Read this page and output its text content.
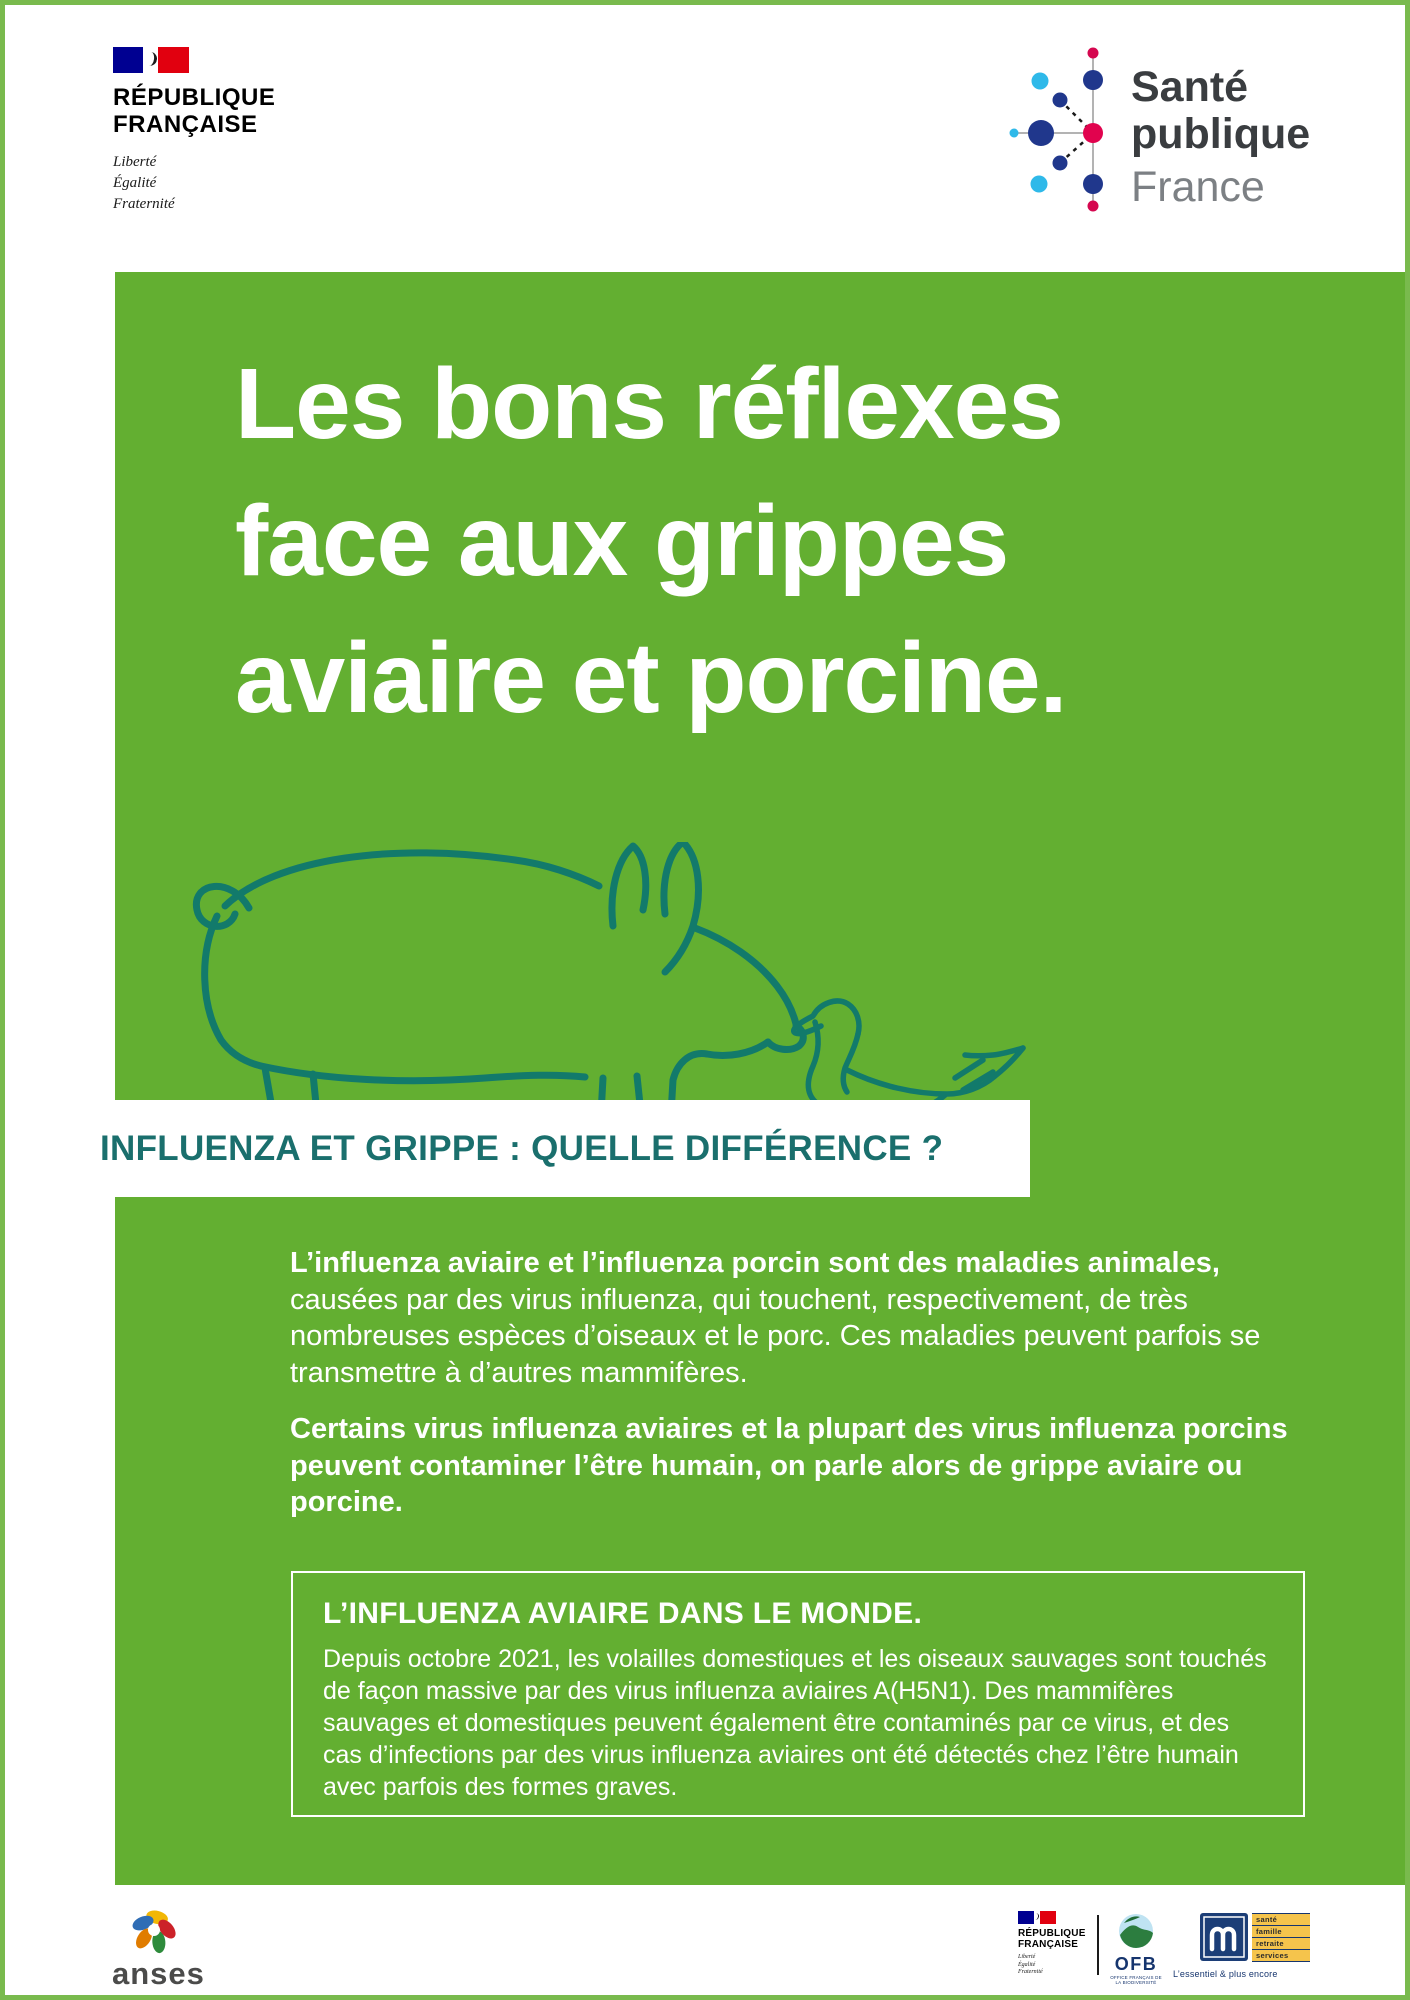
RÉPUBLIQUE
FRANÇAISE
Liberté
Égalité
Fraternité
Santé
publique
France
Les bons réflexes
face aux grippes
aviaire et porcine.
INFLUENZA ET GRIPPE : QUELLE DIFFÉRENCE ?
L’influenza aviaire et l’influenza porcin sont des maladies animales, causées par des virus influenza, qui touchent, respectivement, de très nombreuses espèces d’oiseaux et le porc. Ces maladies peuvent parfois se transmettre à d’autres mammifères.
Certains virus influenza aviaires et la plupart des virus influenza porcins peuvent contaminer l’être humain, on parle alors de grippe aviaire ou porcine.
L’INFLUENZA AVIAIRE DANS LE MONDE.
Depuis octobre 2021, les volailles domestiques et les oiseaux sauvages sont touchés de façon massive par des virus influenza aviaires A(H5N1). Des mammifères sauvages et domestiques peuvent également être contaminés par ce virus, et des cas d’infections par des virus influenza aviaires ont été détectés chez l’être humain avec parfois des formes graves.
anses
RÉPUBLIQUE
FRANÇAISE
Liberté
Égalité
Fraternité	OFB
OFFICE FRANÇAIS DE LA BIODIVERSITÉ
santé
famille
retraite
services
L’essentiel & plus encore
